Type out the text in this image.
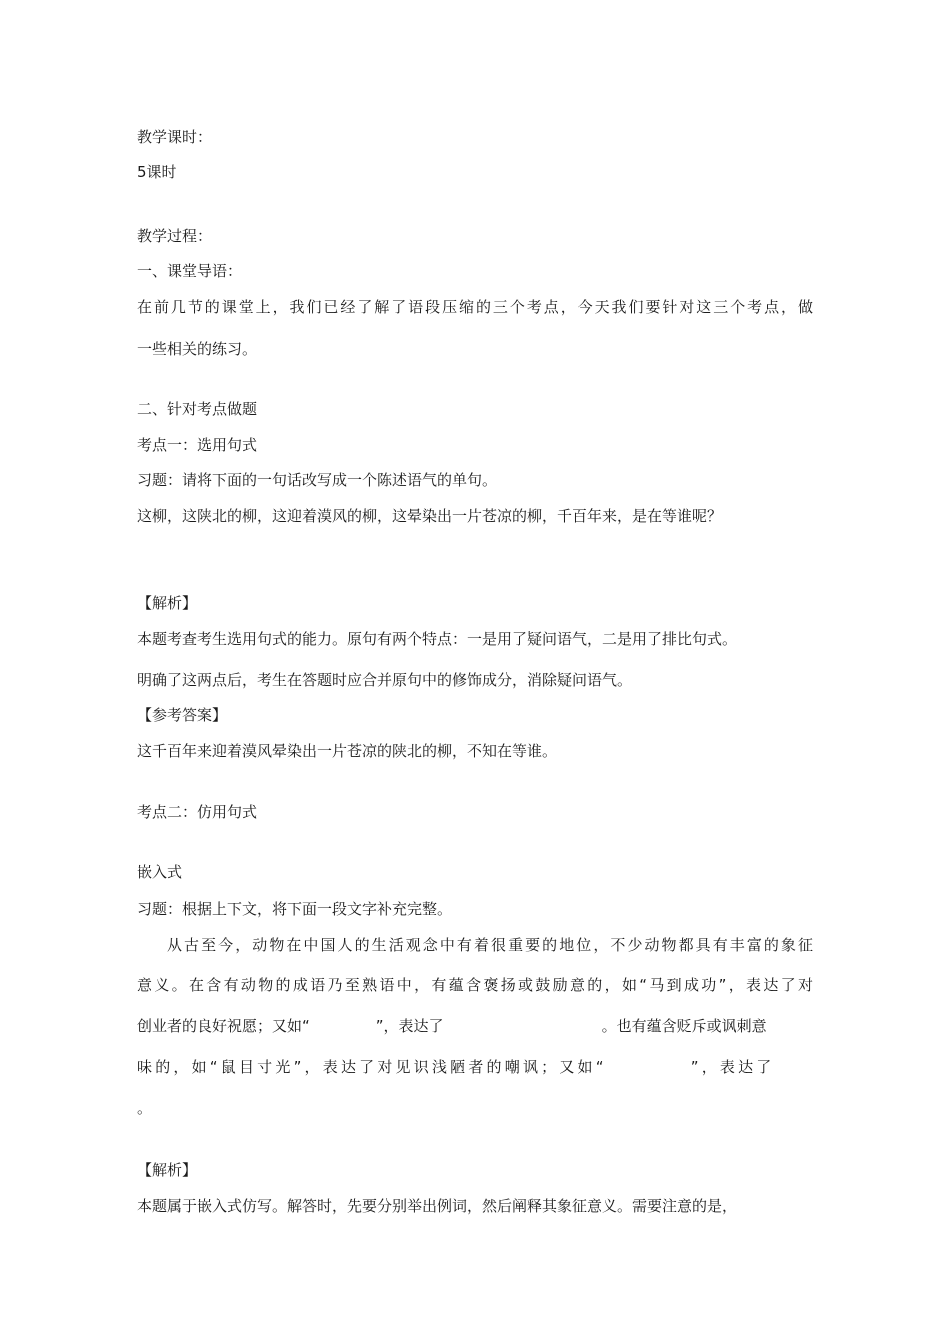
教学课时：
5课时
教学过程：
一、课堂导语：
在前几节的课堂上，我们已经了解了语段压缩的三个考点，今天我们要针对这三个考点，做
一些相关的练习。
二、针对考点做题
考点一：选用句式
习题：请将下面的一句话改写成一个陈述语气的单句。
这柳，这陕北的柳，这迎着漠风的柳，这晕染出一片苍凉的柳，千百年来，是在等谁呢？
【解析】
本题考查考生选用句式的能力。原句有两个特点：一是用了疑问语气，二是用了排比句式。
明确了这两点后，考生在答题时应合并原句中的修饰成分，消除疑问语气。
【参考答案】
这千百年来迎着漠风晕染出一片苍凉的陕北的柳，不知在等谁。
考点二：仿用句式
嵌入式
习题：根据上下文，将下面一段文字补充完整。
从古至今，动物在中国人的生活观念中有着很重要的地位，不少动物都具有丰富的象征
意义。在含有动物的成语乃至熟语中，有蕴含褒扬或鼓励意的，如“马到成功”，表达了对
创业者的良好祝愿；又如“	”，表达了	。也有蕴含贬斥或讽刺意
味的，如“鼠目寸光”，表达了对见识浅陋者的嘲讽；又如“	”，表达了
。
【解析】
本题属于嵌入式仿写。解答时，先要分别举出例词，然后阐释其象征意义。需要注意的是，
